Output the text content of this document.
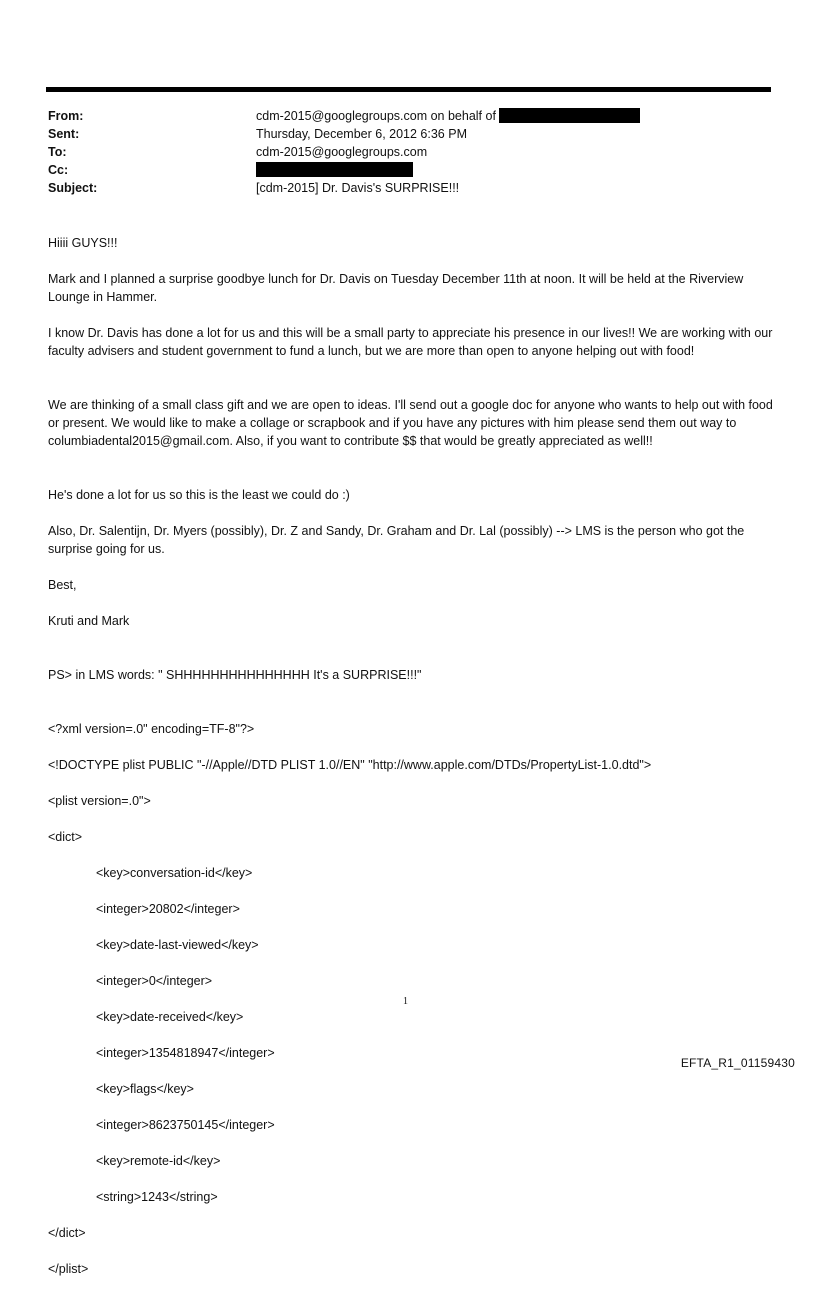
From:	cdm-2015@googlegroups.com on behalf of
Sent:	Thursday, December 6, 2012 6:36 PM
To:	cdm-2015@googlegroups.com
Cc:
Subject:	[cdm-2015] Dr. Davis's SURPRISE!!!

Hiiii GUYS!!!

Mark and I planned a surprise goodbye lunch for Dr. Davis on Tuesday December 11th at noon. It will be held at the Riverview Lounge in Hammer.

I know Dr. Davis has done a lot for us and this will be a small party to appreciate his presence in our lives!! We are working with our faculty advisers and student government to fund a lunch, but we are more than open to anyone helping out with food!

We are thinking of a small class gift and we are open to ideas. I'll send out a google doc for anyone who wants to help out with food or present. We would like to make a collage or scrapbook and if you have any pictures with him please send them out way to columbiadental2015@gmail.com. Also, if you want to contribute $$ that would be greatly appreciated as well!!

He's done a lot for us so this is the least we could do :)

Also, Dr. Salentijn, Dr. Myers (possibly), Dr. Z and Sandy, Dr. Graham and Dr. Lal (possibly) --> LMS is the person who got the surprise going for us.

Best,

Kruti and Mark

PS> in LMS words: " SHHHHHHHHHHHHHHH It's a SURPRISE!!!"

<?xml version=.0" encoding=TF-8"?>

<!DOCTYPE plist PUBLIC "-//Apple//DTD PLIST 1.0//EN" "http://www.apple.com/DTDs/PropertyList-1.0.dtd">

<plist version=.0">

<dict>

<key>conversation-id</key>

<integer>20802</integer>

<key>date-last-viewed</key>

<integer>0</integer>

<key>date-received</key>

<integer>1354818947</integer>

<key>flags</key>

<integer>8623750145</integer>

<key>remote-id</key>

<string>1243</string>

</dict>

</plist>

1
EFTA_R1_01159430
